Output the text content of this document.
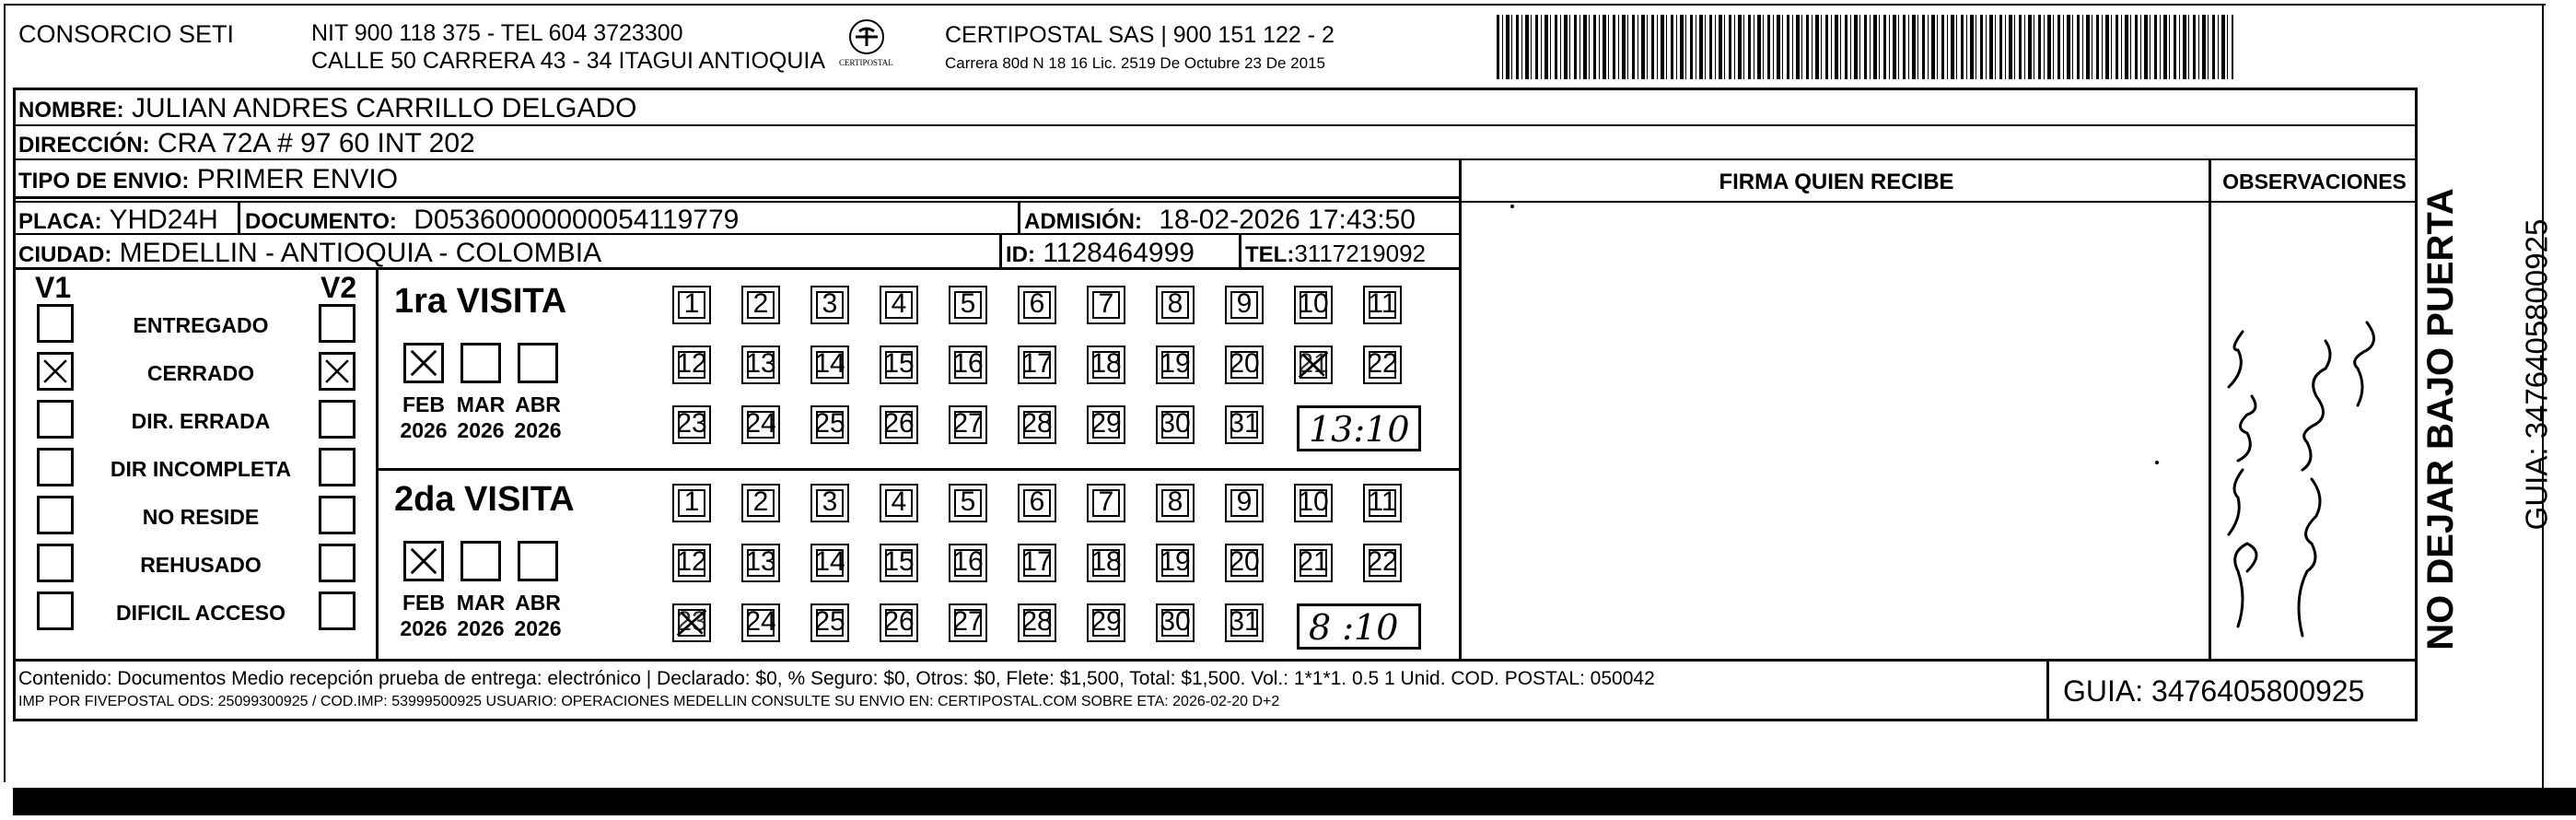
CONSORCIO SETI	NIT 900 118 375 - TEL 604 3723300
CALLE 50 CARRERA 43 - 34 ITAGUI ANTIOQUIA CERTIPOSTAL
CERTIPOSTAL SAS | 900 151 122 - 2
Carrera 80d N 18 16 Lic. 2519 De Octubre 23 De 2015
NOMBRE: JULIAN ANDRES CARRILLO DELGADO
DIRECCIÓN: CRA 72A # 97 60 INT 202
TIPO DE ENVIO: PRIMER ENVIO
PLACA: YHD24H DOCUMENTO: D05360000000054119779	ADMISIÓN: 18-02-2026 17:43:50
CIUDAD: MEDELLIN - ANTIOQUIA - COLOMBIA	ID: 1128464999 TEL:3117219092
FIRMA QUIEN RECIBE	OBSERVACIONES
V1	V2
ENTREGADO
CERRADO
DIR. ERRADA
DIR INCOMPLETA
NO RESIDE
REHUSADO
DIFICIL ACCESO
1ra VISITA
FEB
2026
MAR
2026
ABR
2026
1 2 3 4 5 6 7 8 9 10 11
12 13 14 15 16 17 18 19 20 21 22
23 24 25 26 27 28 29 30 31 13:10
2da VISITA
FEB
2026
MAR
2026
ABR
2026
1 2 3 4 5 6 7 8 9 10 11
12 13 14 15 16 17 18 19 20 21 22
23 24 25 26 27 28 29 30 31 8 :10
Contenido: Documentos Medio recepción prueba de entrega: electrónico | Declarado: $0, % Seguro: $0, Otros: $0, Flete: $1,500, Total: $1,500. Vol.: 1*1*1. 0.5 1 Unid. COD. POSTAL: 050042
IMP POR FIVEPOSTAL ODS: 25099300925 / COD.IMP: 53999500925 USUARIO: OPERACIONES MEDELLIN CONSULTE SU ENVIO EN: CERTIPOSTAL.COM SOBRE ETA: 2026-02-20 D+2	GUIA: 3476405800925
NO DEJAR BAJO PUERTA GUIA: 3476405800925
